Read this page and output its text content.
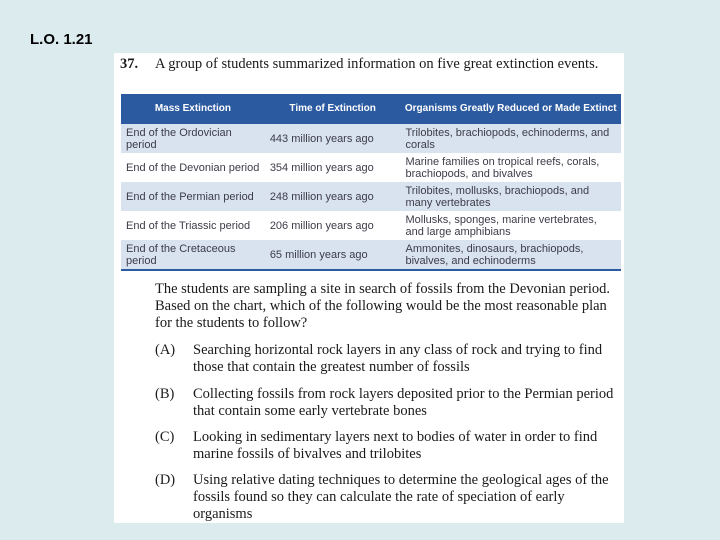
L.O. 1.21
37. A group of students summarized information on five great extinction events.
Mass Extinction	Time of Extinction	Organisms Greatly Reduced or Made Extinct
End of the Ordovician period	443 million years ago	Trilobites, brachiopods, echinoderms, and corals
End of the Devonian period	354 million years ago	Marine families on tropical reefs, corals, brachiopods, and bivalves
End of the Permian period	248 million years ago	Trilobites, mollusks, brachiopods, and many vertebrates
End of the Triassic period	206 million years ago	Mollusks, sponges, marine vertebrates, and large amphibians
End of the Cretaceous period	65 million years ago	Ammonites, dinosaurs, brachiopods, bivalves, and echinoderms
The students are sampling a site in search of fossils from the Devonian period. Based on the chart, which of the following would be the most reasonable plan for the students to follow?
(A) Searching horizontal rock layers in any class of rock and trying to find those that contain the greatest number of fossils
(B) Collecting fossils from rock layers deposited prior to the Permian period that contain some early vertebrate bones
(C) Looking in sedimentary layers next to bodies of water in order to find marine fossils of bivalves and trilobites
(D) Using relative dating techniques to determine the geological ages of the fossils found so they can calculate the rate of speciation of early organisms
